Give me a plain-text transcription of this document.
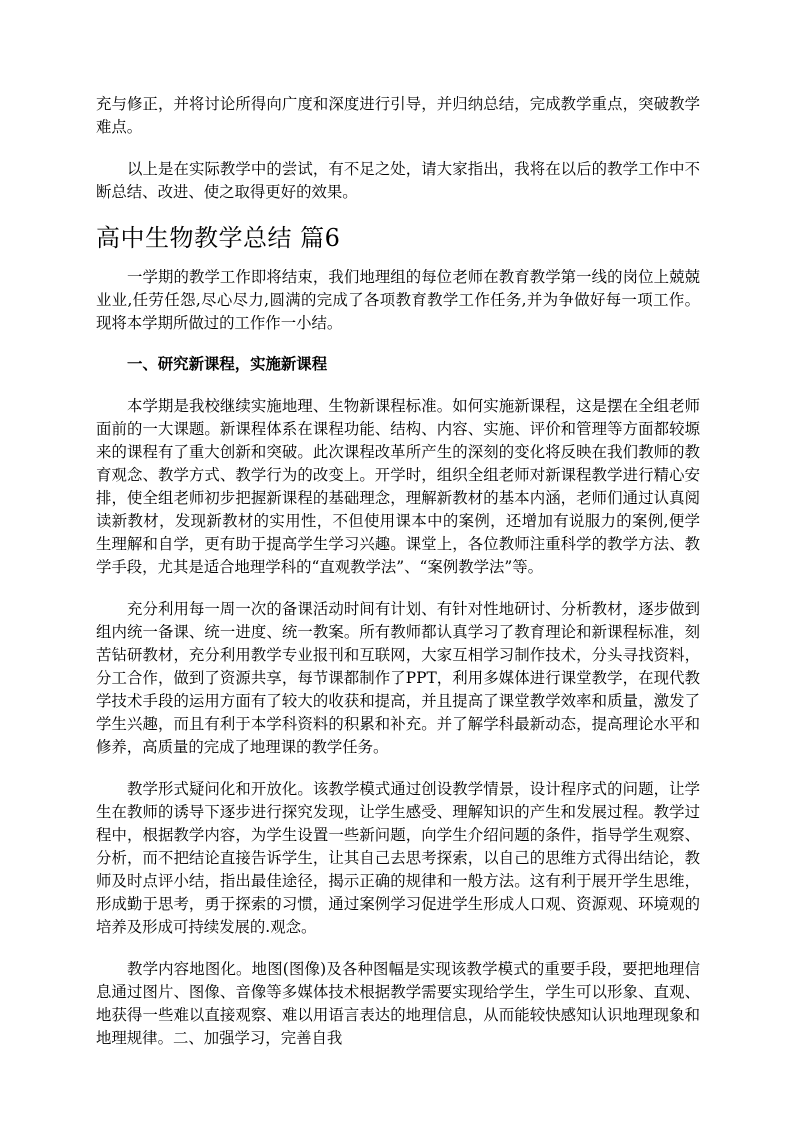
充与修正，并将讨论所得向广度和深度进行引导，并归纳总结，完成教学重点，突破教学难点。

以上是在实际教学中的尝试，有不足之处，请大家指出，我将在以后的教学工作中不断总结、改进、使之取得更好的效果。

高中生物教学总结 篇6

一学期的教学工作即将结束，我们地理组的每位老师在教育教学第一线的岗位上兢兢业业,任劳任怨,尽心尽力,圆满的完成了各项教育教学工作任务,并为争做好每一项工作。现将本学期所做过的工作作一小结。

一、研究新课程，实施新课程

本学期是我校继续实施地理、生物新课程标准。如何实施新课程，这是摆在全组老师面前的一大课题。新课程体系在课程功能、结构、内容、实施、评价和管理等方面都较塬来的课程有了重大创新和突破。此次课程改革所产生的深刻的变化将反映在我们教师的教育观念、教学方式、教学行为的改变上。开学时，组织全组老师对新课程教学进行精心安排，使全组老师初步把握新课程的基础理念，理解新教材的基本内涵，老师们通过认真阅读新教材，发现新教材的实用性，不但使用课本中的案例，还增加有说服力的案例,便学生理解和自学，更有助于提高学生学习兴趣。课堂上，各位教师注重科学的教学方法、教学手段，尤其是适合地理学科的“直观教学法”、“案例教学法”等。

充分利用每一周一次的备课活动时间有计划、有针对性地研讨、分析教材，逐步做到组内统一备课、统一进度、统一教案。所有教师都认真学习了教育理论和新课程标准，刻苦钻研教材，充分利用教学专业报刊和互联网，大家互相学习制作技术，分头寻找资料，分工合作，做到了资源共享，每节课都制作了PPT，利用多媒体进行课堂教学，在现代教学技术手段的运用方面有了较大的收获和提高，并且提高了课堂教学效率和质量，激发了学生兴趣，而且有利于本学科资料的积累和补充。并了解学科最新动态，提高理论水平和修养，高质量的完成了地理课的教学任务。

教学形式疑问化和开放化。该教学模式通过创设教学情景，设计程序式的问题，让学生在教师的诱导下逐步进行探究发现，让学生感受、理解知识的产生和发展过程。教学过程中，根据教学内容，为学生设置一些新问题，向学生介绍问题的条件，指导学生观察、分析，而不把结论直接告诉学生，让其自己去思考探索，以自己的思维方式得出结论，教师及时点评小结，指出最佳途径，揭示正确的规律和一般方法。这有利于展开学生思维，形成勤于思考，勇于探索的习惯，通过案例学习促进学生形成人口观、资源观、环境观的培养及形成可持续发展的.观念。

教学内容地图化。地图(图像)及各种图幅是实现该教学模式的重要手段，要把地理信息通过图片、图像、音像等多媒体技术根据教学需要实现给学生，学生可以形象、直观、地获得一些难以直接观察、难以用语言表达的地理信息，从而能较快感知认识地理现象和地理规律。二、加强学习，完善自我
